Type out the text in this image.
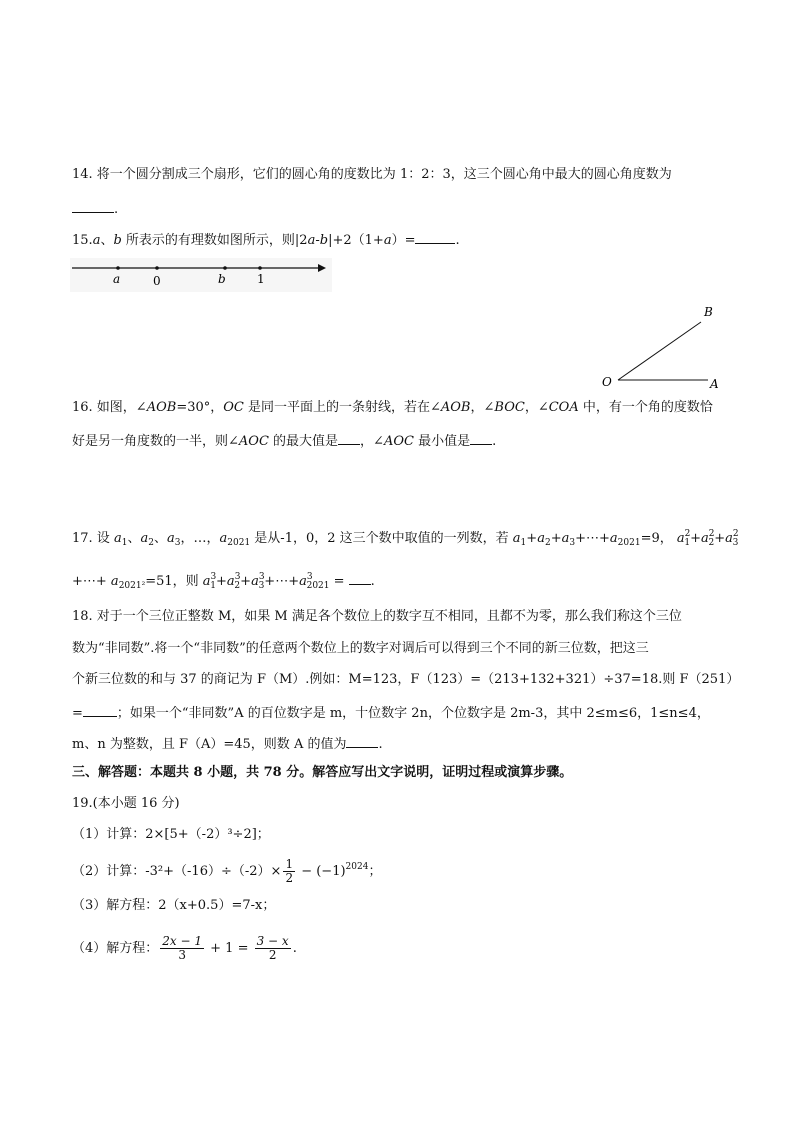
14. 将一个圆分割成三个扇形，它们的圆心角的度数比为 1：2：3，这三个圆心角中最大的圆心角度数为
.
15.a、b 所表示的有理数如图所示，则|2a-b|+2（1+a）=	.
a	0	b	1
B
O	A
16. 如图，∠AOB=30°，OC 是同一平面上的一条射线，若在∠AOB，∠BOC，∠COA 中，有一个角的度数恰
好是另一角度数的一半，则∠AOC 的最大值是 ，∠AOC 最小值是 .
17. 设 $a_1$、$a_2$、$a_3$，…，$a_{2021}$ 是从-1，0，2 这三个数中取值的一列数，若 $a_1+a_2+a_3+\cdots+a_{2021}=9$， $a^2_1+a^2_2+a^2_3$
+⋯+ $a_{2021^2}=51$，则 $a^3_1+a^3_2+a^3_3+\cdots+a^3_{2021}$ = .
18. 对于一个三位正整数 M，如果 M 满足各个数位上的数字互不相同，且都不为零，那么我们称这个三位
数为“非同数”.将一个“非同数”的任意两个数位上的数字对调后可以得到三个不同的新三位数，把这三
个新三位数的和与 37 的商记为 F（M）.例如：M=123，F（123）=（213+132+321）÷37=18.则 F（251）
=	；如果一个“非同数”A 的百位数字是 m，十位数字 2n，个位数字是 2m-3，其中 2≤m≤6，1≤n≤4，
m、n 为整数，且 F（A）=45，则数 A 的值为 .
三、解答题：本题共 8 小题，共 78 分。解答应写出文字说明，证明过程或演算步骤。
19.(本小题 16 分)
（1）计算：2×[5+（-2）³÷2]；
（2）计算：$-3^2+(-16)\div(-2)\times \frac{1}{2} - (-1)^{2024}$；
（3）解方程：2（x+0.5）=7-x；
（4）解方程： $\frac{2x - 1}{3} + 1 = \frac{3 - x}{2}$ .
